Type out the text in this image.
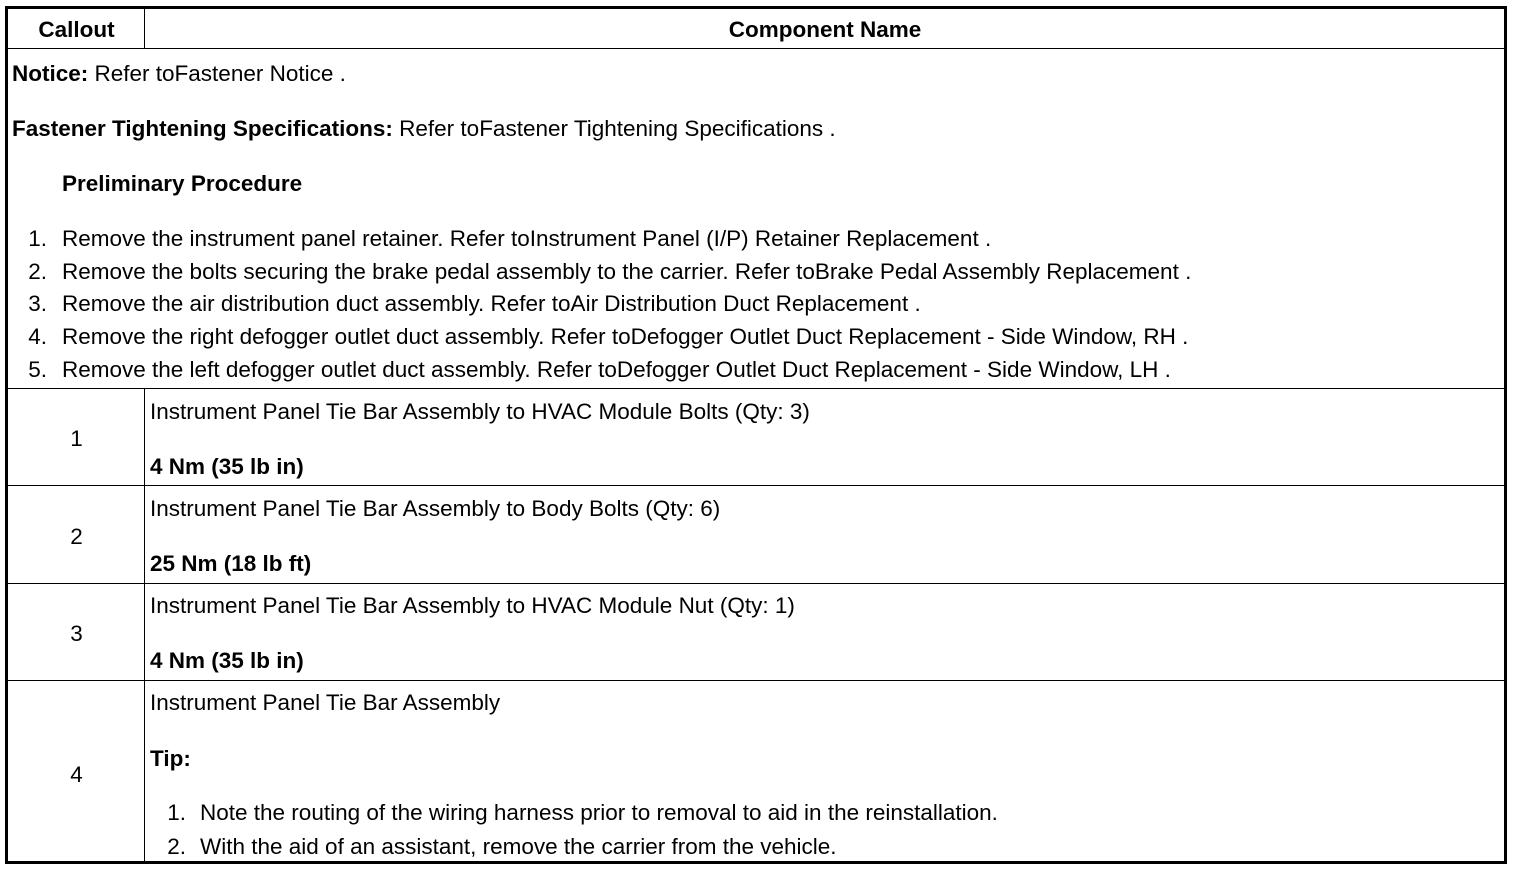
Callout	Component Name
Notice: Refer toFastener Notice .
Fastener Tightening Specifications: Refer toFastener Tightening Specifications .
Preliminary Procedure
1. Remove the instrument panel retainer. Refer toInstrument Panel (I/P) Retainer Replacement .
2. Remove the bolts securing the brake pedal assembly to the carrier. Refer toBrake Pedal Assembly Replacement .
3. Remove the air distribution duct assembly. Refer toAir Distribution Duct Replacement .
4. Remove the right defogger outlet duct assembly. Refer toDefogger Outlet Duct Replacement - Side Window, RH .
5. Remove the left defogger outlet duct assembly. Refer toDefogger Outlet Duct Replacement - Side Window, LH .
1
Instrument Panel Tie Bar Assembly to HVAC Module Bolts (Qty: 3)
4 Nm (35 lb in)
2
Instrument Panel Tie Bar Assembly to Body Bolts (Qty: 6)
25 Nm (18 lb ft)
3
Instrument Panel Tie Bar Assembly to HVAC Module Nut (Qty: 1)
4 Nm (35 lb in)
4
Instrument Panel Tie Bar Assembly
Tip:
1. Note the routing of the wiring harness prior to removal to aid in the reinstallation.
2. With the aid of an assistant, remove the carrier from the vehicle.
